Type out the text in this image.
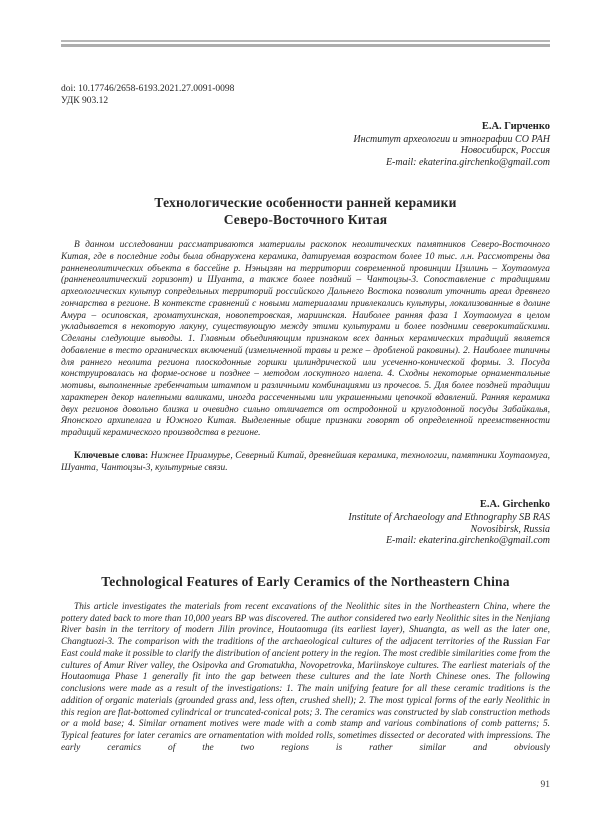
doi: 10.17746/2658-6193.2021.27.0091-0098
УДК 903.12
Е.А. Гирченко
Институт археологии и этнографии СО РАН
Новосибирск, Россия
E-mail: ekaterina.girchenko@gmail.com
Технологические особенности ранней керамики
Северо-Восточного Китая
В данном исследовании рассматриваются материалы раскопок неолитических памятников Северо-Восточного Китая, где в последние годы была обнаружена керамика, датируемая возрастом более 10 тыс. л.н. Рассмотрены два ранненеолитических объекта в бассейне р. Нэньцзян на территории современной провинции Цзилинь – Хоутаомуга (ранненеолитический горизонт) и Шуанта, а также более поздний – Чантоцзы-3. Сопоставление с традициями археологических культур сопредельных территорий российского Дальнего Востока позволит уточнить ареал древнего гончарства в регионе. В контексте сравнений с новыми материалами привлекались культуры, локализованные в долине Амура – осиповская, громатухинская, новопетровская, мариинская. Наиболее ранняя фаза 1 Хоутаомуга в целом укладывается в некоторую лакуну, существующую между этими культурами и более поздними северокитайскими. Сделаны следующие выводы. 1. Главным объединяющим признаком всех данных керамических традиций является добавление в тесто органических включений (измельченной травы и реже – дробленой раковины). 2. Наиболее типичны для раннего неолита региона плоскодонные горшки цилиндрической или усеченно-конической формы. 3. Посуда конструировалась на форме-основе и позднее – методом лоскутного налепа. 4. Сходны некоторые орнаментальные мотивы, выполненные гребенчатым штампом и различными комбинациями из прочесов. 5. Для более поздней традиции характерен декор налепными валиками, иногда рассеченными или украшенными цепочкой вдавлений. Ранняя керамика двух регионов довольно близка и очевидно сильно отличается от остродонной и круглодонной посуды Забайкалья, Японского архипелага и Южного Китая. Выделенные общие признаки говорят об определенной преемственности традиций керамического производства в регионе.
Ключевые слова: Нижнее Приамурье, Северный Китай, древнейшая керамика, технологии, памятники Хоутаомуга, Шуанта, Чантоцзы-3, культурные связи.
E.A. Girchenko
Institute of Archaeology and Ethnography SB RAS
Novosibirsk, Russia
E-mail: ekaterina.girchenko@gmail.com
Technological Features of Early Ceramics of the Northeastern China
This article investigates the materials from recent excavations of the Neolithic sites in the Northeastern China, where the pottery dated back to more than 10,000 years BP was discovered. The author considered two early Neolithic sites in the Nenjiang River basin in the territory of modern Jilin province, Houtaomuga (its earliest layer), Shuangta, as well as the later one, Changtuozi-3. The comparison with the traditions of the archaeological cultures of the adjacent territories of the Russian Far East could make it possible to clarify the distribution of ancient pottery in the region. The most credible similarities come from the cultures of Amur River valley, the Osipovka and Gromatukha, Novopetrovka, Mariinskoye cultures. The earliest materials of the Houtaomuga Phase 1 generally fit into the gap between these cultures and the late North Chinese ones. The following conclusions were made as a result of the investigations: 1. The main unifying feature for all these ceramic traditions is the addition of organic materials (grounded grass and, less often, crushed shell); 2. The most typical forms of the early Neolithic in this region are flat-bottomed cylindrical or truncated-conical pots; 3. The ceramics was constructed by slab construction methods or a mold base; 4. Similar ornament motives were made with a comb stamp and various combinations of comb patterns; 5. Typical features for later ceramics are ornamentation with molded rolls, sometimes dissected or decorated with impressions. The early ceramics of the two regions is rather similar and obviously
91
